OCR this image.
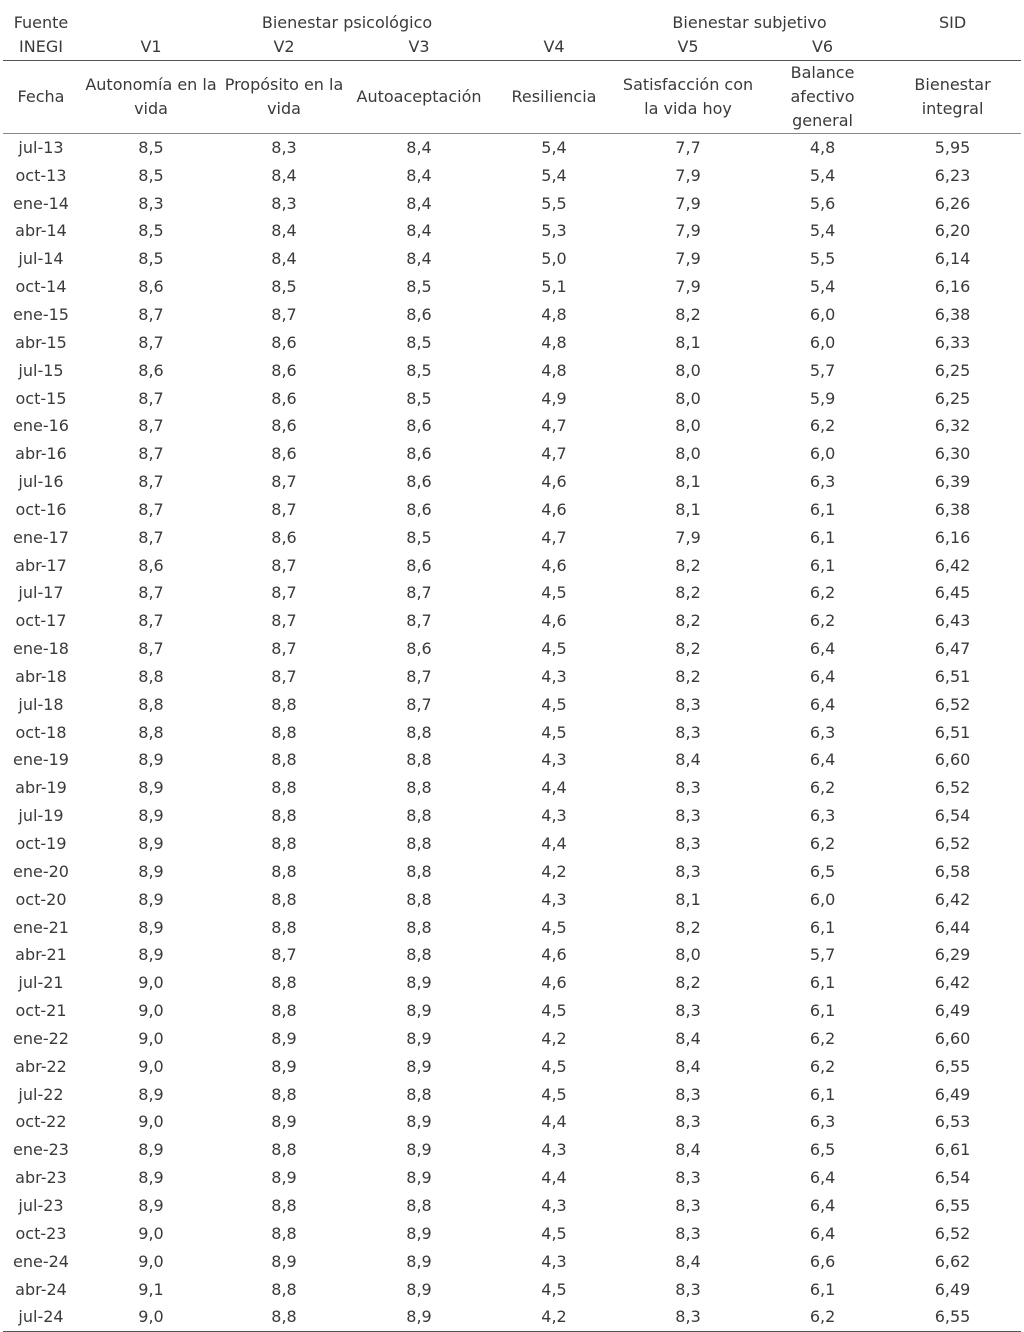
Fuente	Bienestar psicológico				Bienestar subjetivo		SID
INEGI	V1	V2	V3	V4	V5	V6	
Fecha	Autonomía en la vida	Propósito en la vida	Autoaceptación	Resiliencia	Satisfacción con la vida hoy	Balance afectivo general	Bienestar integral
jul-13	8,5	8,3	8,4	5,4	7,7	4,8	5,95
oct-13	8,5	8,4	8,4	5,4	7,9	5,4	6,23
ene-14	8,3	8,3	8,4	5,5	7,9	5,6	6,26
abr-14	8,5	8,4	8,4	5,3	7,9	5,4	6,20
jul-14	8,5	8,4	8,4	5,0	7,9	5,5	6,14
oct-14	8,6	8,5	8,5	5,1	7,9	5,4	6,16
ene-15	8,7	8,7	8,6	4,8	8,2	6,0	6,38
abr-15	8,7	8,6	8,5	4,8	8,1	6,0	6,33
jul-15	8,6	8,6	8,5	4,8	8,0	5,7	6,25
oct-15	8,7	8,6	8,5	4,9	8,0	5,9	6,25
ene-16	8,7	8,6	8,6	4,7	8,0	6,2	6,32
abr-16	8,7	8,6	8,6	4,7	8,0	6,0	6,30
jul-16	8,7	8,7	8,6	4,6	8,1	6,3	6,39
oct-16	8,7	8,7	8,6	4,6	8,1	6,1	6,38
ene-17	8,7	8,6	8,5	4,7	7,9	6,1	6,16
abr-17	8,6	8,7	8,6	4,6	8,2	6,1	6,42
jul-17	8,7	8,7	8,7	4,5	8,2	6,2	6,45
oct-17	8,7	8,7	8,7	4,6	8,2	6,2	6,43
ene-18	8,7	8,7	8,6	4,5	8,2	6,4	6,47
abr-18	8,8	8,7	8,7	4,3	8,2	6,4	6,51
jul-18	8,8	8,8	8,7	4,5	8,3	6,4	6,52
oct-18	8,8	8,8	8,8	4,5	8,3	6,3	6,51
ene-19	8,9	8,8	8,8	4,3	8,4	6,4	6,60
abr-19	8,9	8,8	8,8	4,4	8,3	6,2	6,52
jul-19	8,9	8,8	8,8	4,3	8,3	6,3	6,54
oct-19	8,9	8,8	8,8	4,4	8,3	6,2	6,52
ene-20	8,9	8,8	8,8	4,2	8,3	6,5	6,58
oct-20	8,9	8,8	8,8	4,3	8,1	6,0	6,42
ene-21	8,9	8,8	8,8	4,5	8,2	6,1	6,44
abr-21	8,9	8,7	8,8	4,6	8,0	5,7	6,29
jul-21	9,0	8,8	8,9	4,6	8,2	6,1	6,42
oct-21	9,0	8,8	8,9	4,5	8,3	6,1	6,49
ene-22	9,0	8,9	8,9	4,2	8,4	6,2	6,60
abr-22	9,0	8,9	8,9	4,5	8,4	6,2	6,55
jul-22	8,9	8,8	8,8	4,5	8,3	6,1	6,49
oct-22	9,0	8,9	8,9	4,4	8,3	6,3	6,53
ene-23	8,9	8,8	8,9	4,3	8,4	6,5	6,61
abr-23	8,9	8,9	8,9	4,4	8,3	6,4	6,54
jul-23	8,9	8,8	8,8	4,3	8,3	6,4	6,55
oct-23	9,0	8,8	8,9	4,5	8,3	6,4	6,52
ene-24	9,0	8,9	8,9	4,3	8,4	6,6	6,62
abr-24	9,1	8,8	8,9	4,5	8,3	6,1	6,49
jul-24	9,0	8,8	8,9	4,2	8,3	6,2	6,55
